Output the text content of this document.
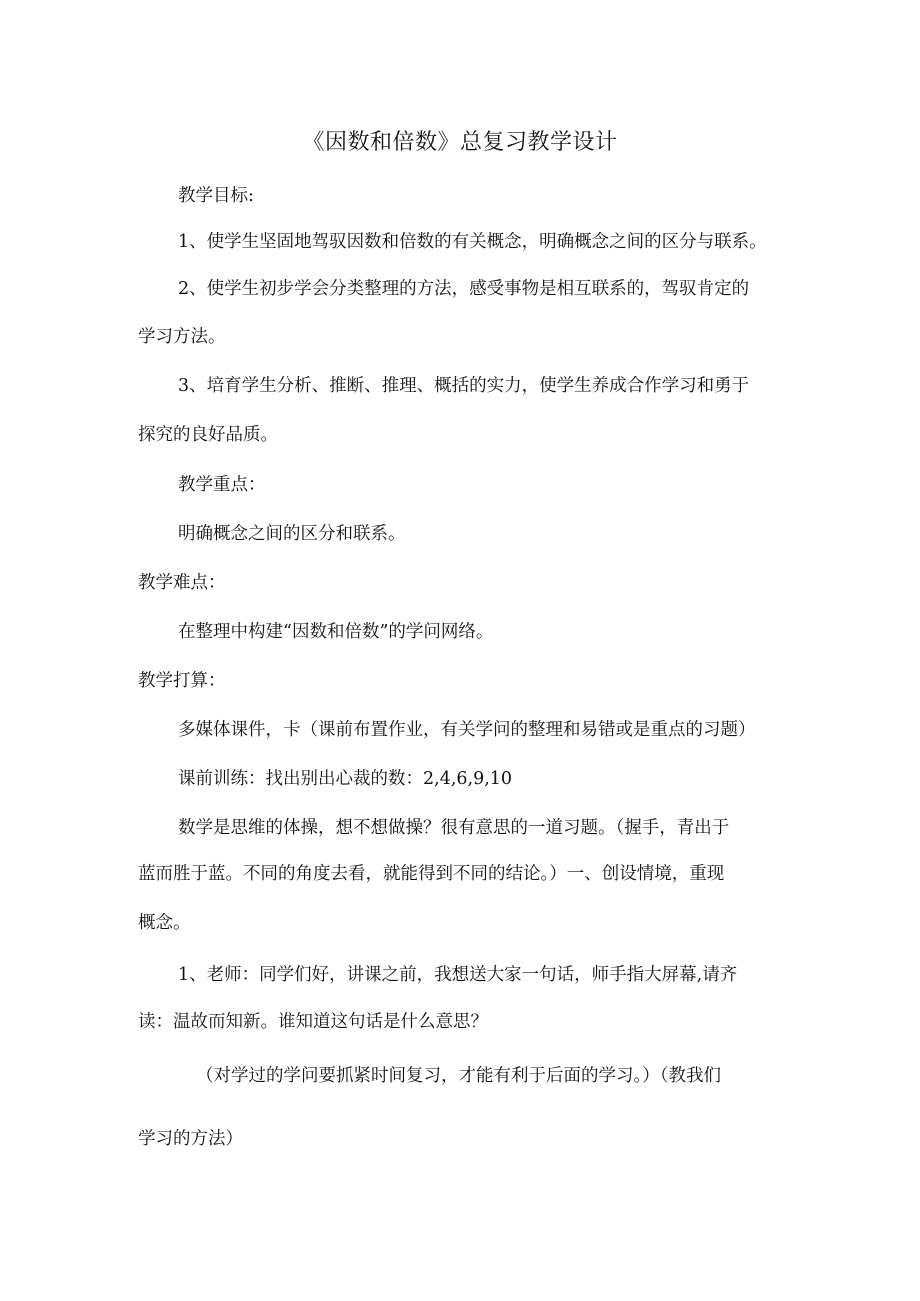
《因数和倍数》总复习教学设计
教学目标:
1、使学生坚固地驾驭因数和倍数的有关概念，明确概念之间的区分与联系。
2、使学生初步学会分类整理的方法，感受事物是相互联系的，驾驭肯定的
学习方法。
3、培育学生分析、推断、推理、概括的实力，使学生养成合作学习和勇于
探究的良好品质。
教学重点：
明确概念之间的区分和联系。
教学难点：
在整理中构建“因数和倍数”的学问网络。
教学打算：
多媒体课件，卡（课前布置作业，有关学问的整理和易错或是重点的习题）
课前训练：找出别出心裁的数：2,4,6,9,10
数学是思维的体操，想不想做操？很有意思的一道习题。（握手，青出于
蓝而胜于蓝。不同的角度去看，就能得到不同的结论。）一、创设情境，重现
概念。
1、老师：同学们好，讲课之前，我想送大家一句话，师手指大屏幕,请齐
读：温故而知新。谁知道这句话是什么意思？
（对学过的学问要抓紧时间复习，才能有利于后面的学习。）（教我们
学习的方法）
